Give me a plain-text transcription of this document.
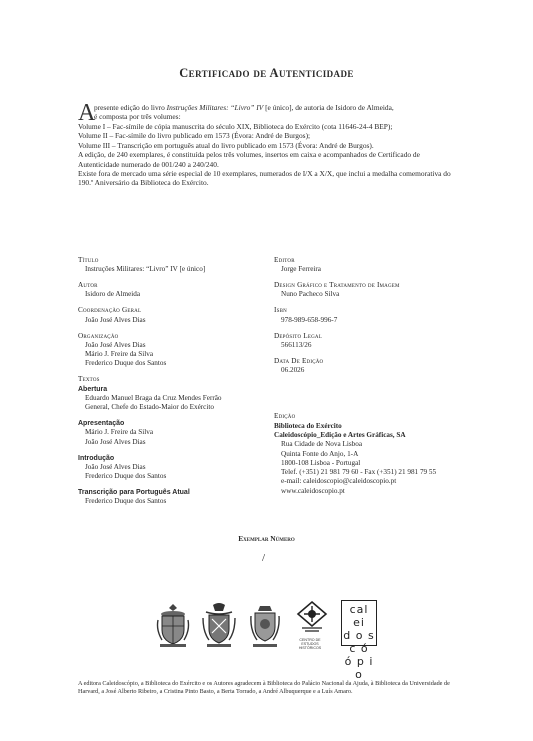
Certificado de Autenticidade
A
presente edição do livro Instruções Militares: “Livro” IV [e único], de autoria de Isidoro de Almeida,
é composta por três volumes:

Volume I – Fac-símile de cópia manuscrita do século XIX, Biblioteca do Exército (cota 11646-24-4 BEP);

Volume II – Fac-símile do livro publicado em 1573 (Évora: André de Burgos);

Volume III – Transcrição em português atual do livro publicado em 1573 (Évora: André de Burgos).

A edição, de 240 exemplares, é constituída pelos três volumes, insertos em caixa e acompanhados de Certificado de Autenticidade numerado de 001/240 a 240/240.

Existe fora de mercado uma série especial de 10 exemplares, numerados de I/X a X/X, que inclui a medalha comemorativa do 190.º Aniversário da Biblioteca do Exército.

Título
Instruções Militares: “Livro” IV [e único]
Autor
Isidoro de Almeida
Coordenação Geral
João José Alves Dias
Organização
João José Alves Dias
Mário J. Freire da Silva
Frederico Duque dos Santos
Textos
Abertura
Eduardo Manuel Braga da Cruz Mendes Ferrão
General, Chefe do Estado-Maior do Exército
Apresentação
Mário J. Freire da Silva
João José Alves Dias
Introdução
João José Alves Dias
Frederico Duque dos Santos
Transcrição para Português Atual
Frederico Duque dos Santos
Editor
Jorge Ferreira
Design Gráfico e Tratamento de Imagem
Nuno Pacheco Silva
Isbn
978-989-658-996-7
Depósito Legal
566113/26
Data De Edição
06.2026
Edição
Biblioteca do Exército
Caleidoscópio_Edição e Artes Gráficas, SA
Rua Cidade de Nova Lisboa
Quinta Fonte do Anjo, 1-A
1800-108 Lisboa - Portugal
Telef. (+351) 21 981 79 60 - Fax (+351) 21 981 79 55
e-mail: caleidoscopio@caleidoscopio.pt
www.caleidoscopio.pt
Exemplar Número
/
CENTRO DE
ESTUDOS
HISTÓRICOS
cal ei
d o s c ó
ó p i o
A editora Caleidoscópio, a Biblioteca do Exército e os Autores agradecem à Biblioteca do Palácio Nacional da Ajuda, à Biblioteca da Universidade de Harvard, a José Alberto Ribeiro, a Cristina Pinto Basto, a Berta Torrado, a André Albuquerque e a Luís Amaro.
